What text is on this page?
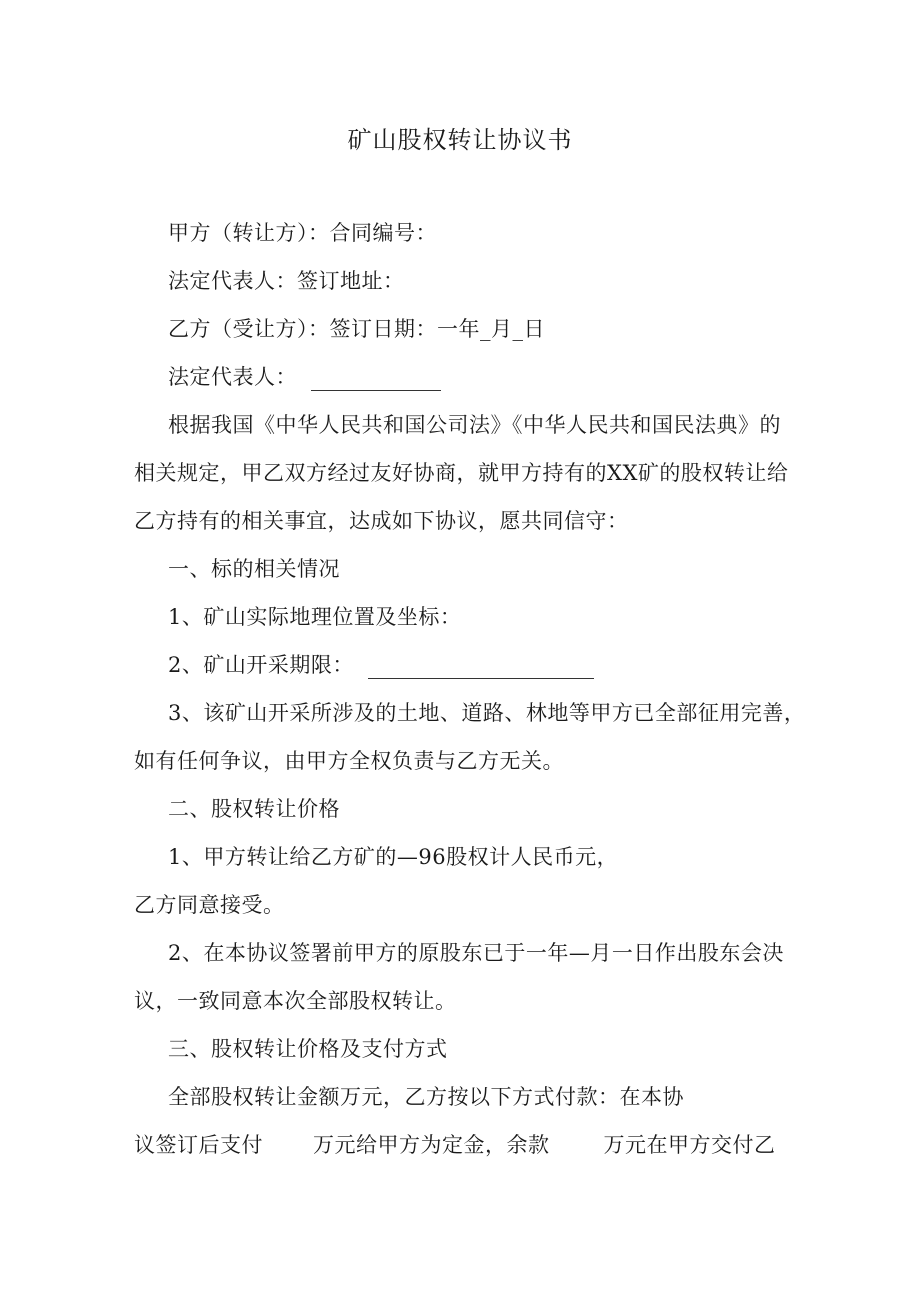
矿山股权转让协议书
甲方（转让方）：合同编号：
法定代表人：签订地址：
乙方（受让方）：签订日期：一年_月_日
法定代表人：
根据我国《中华人民共和国公司法》《中华人民共和国民法典》的
相关规定，甲乙双方经过友好协商，就甲方持有的XX矿的股权转让给
乙方持有的相关事宜，达成如下协议，愿共同信守：
一、标的相关情况
1、矿山实际地理位置及坐标：
2、矿山开采期限：
3、该矿山开采所涉及的土地、道路、林地等甲方已全部征用完善，
如有任何争议，由甲方全权负责与乙方无关。
二、股权转让价格
1、甲方转让给乙方矿的—96股权计人民币元，
乙方同意接受。
2、在本协议签署前甲方的原股东已于一年—月一日作出股东会决
议，一致同意本次全部股权转让。
三、股权转让价格及支付方式
全部股权转让金额万元，乙方按以下方式付款：在本协
议签订后支付 万元给甲方为定金，余款	万元在甲方交付乙
